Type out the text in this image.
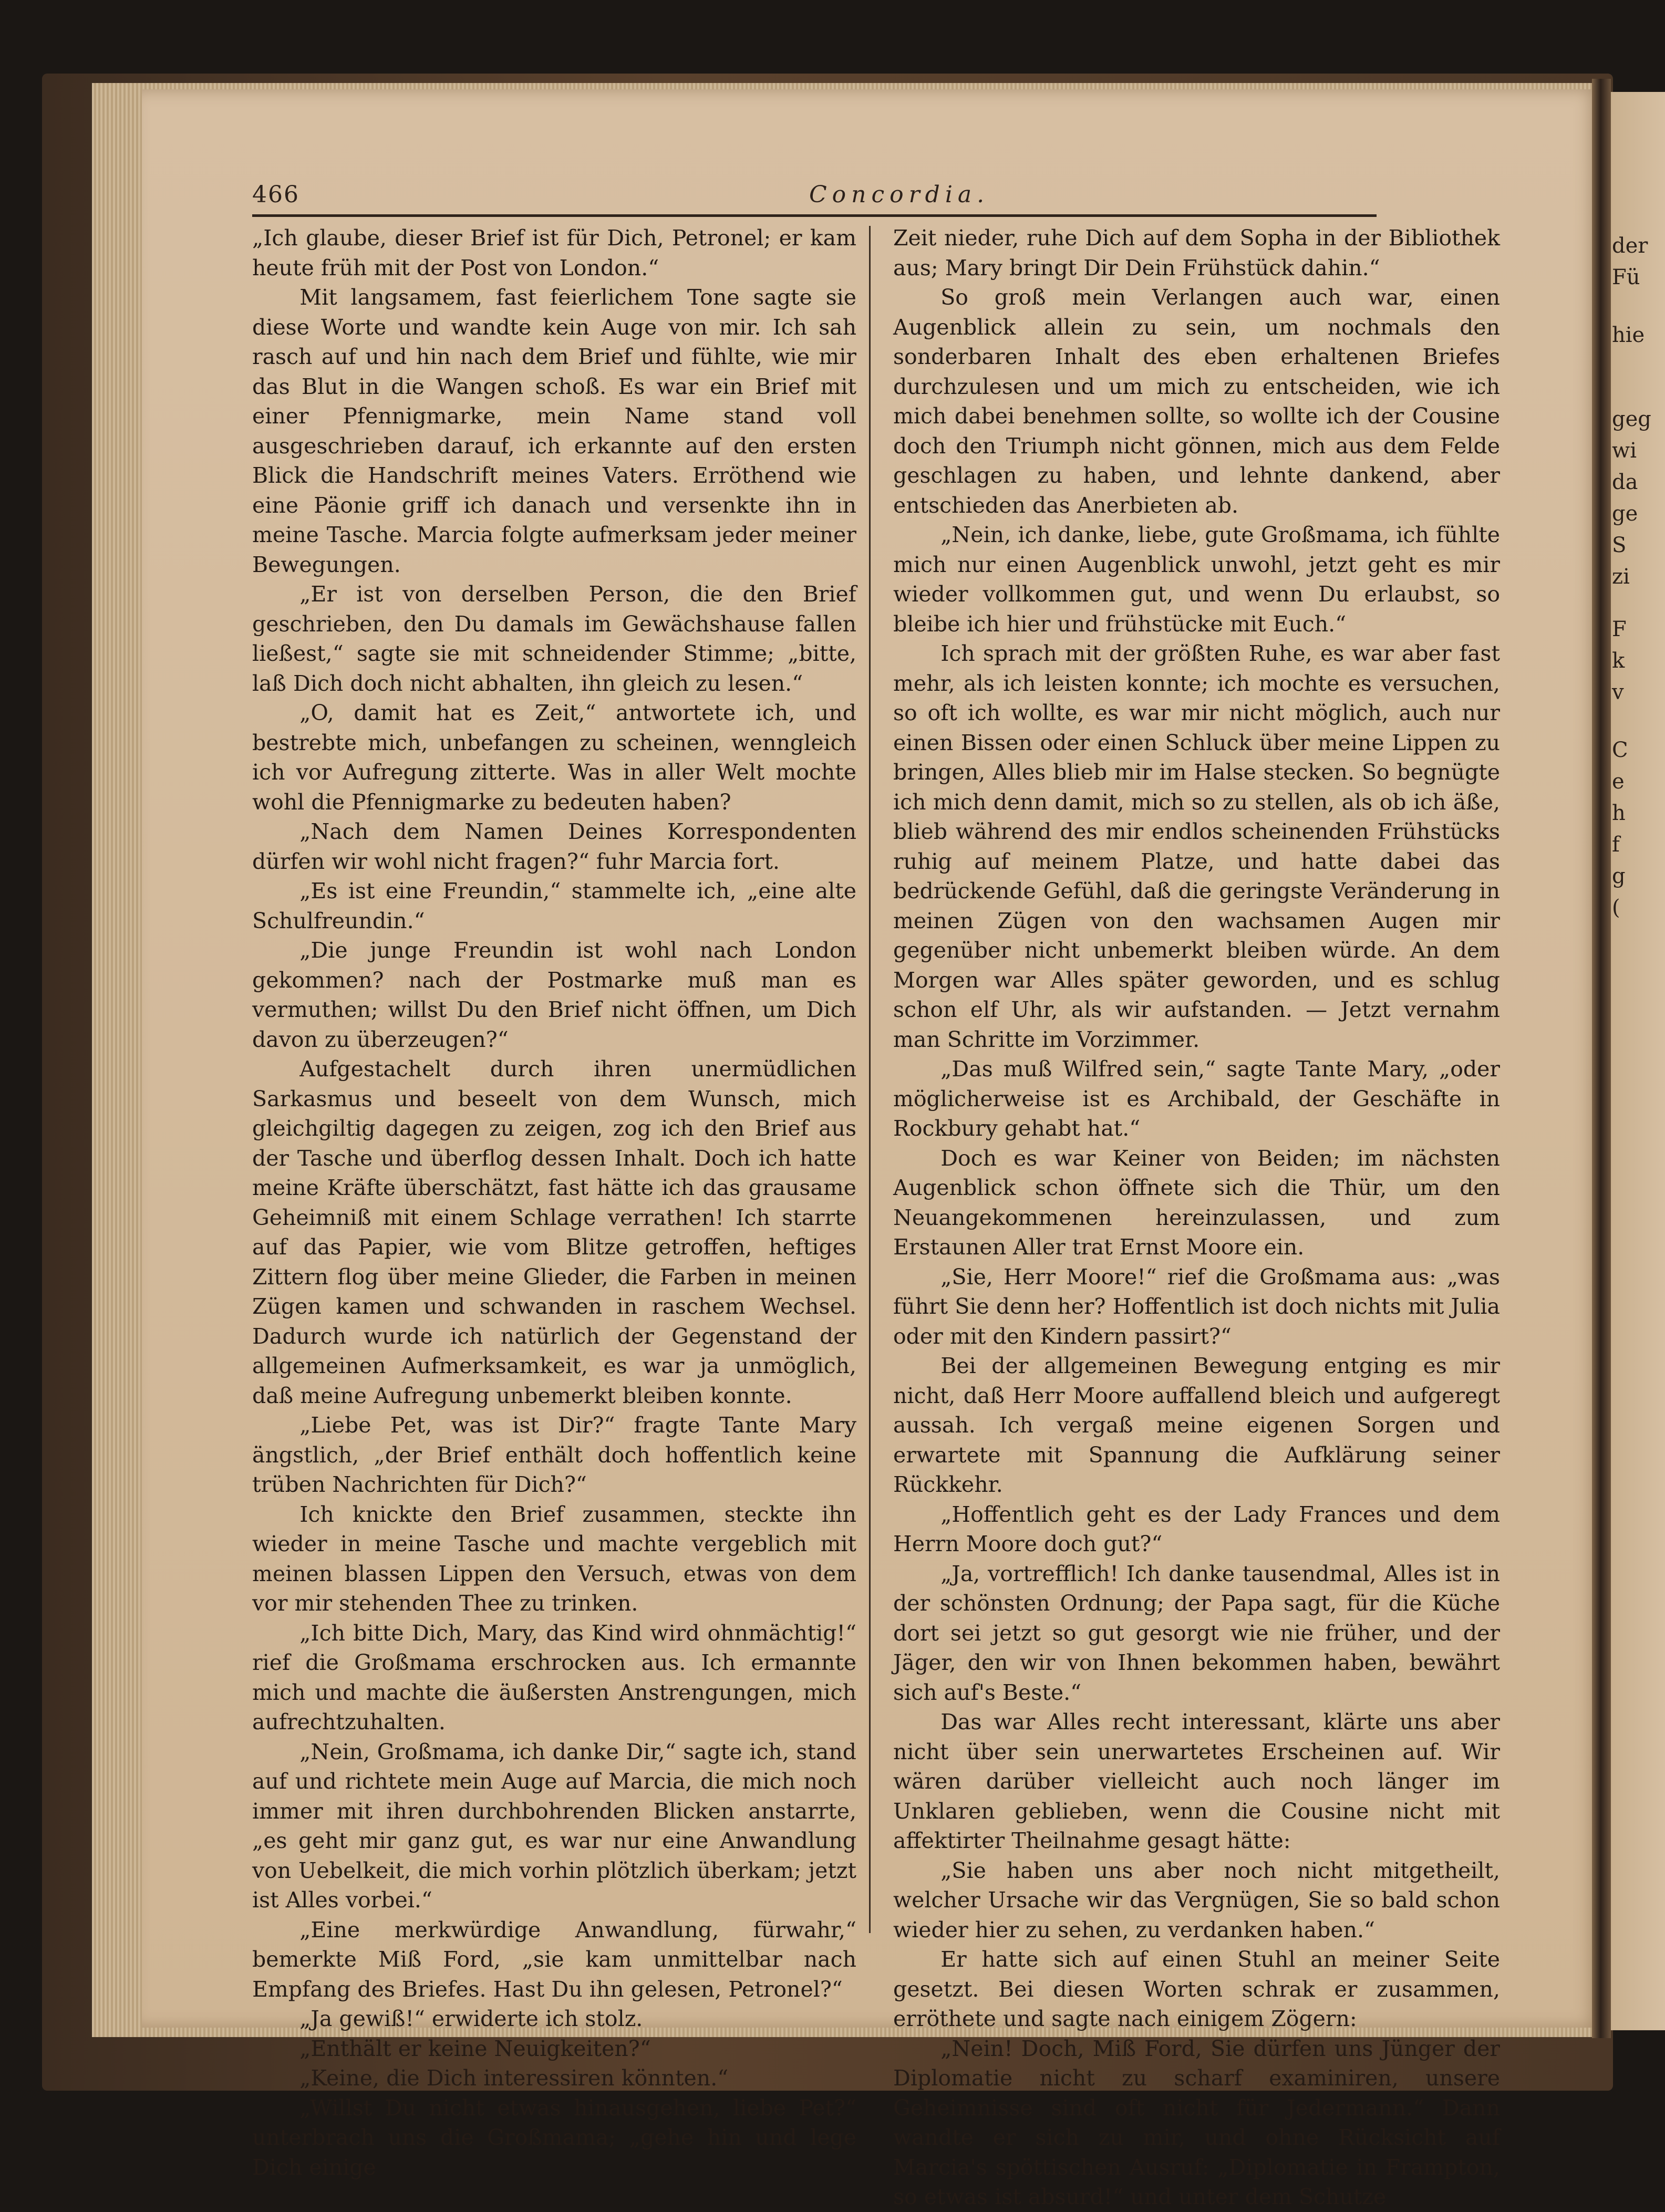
466	Concordia.

„Ich glaube, dieser Brief ist für Dich, Petronel; er kam heute früh mit der Post von London.“

Mit langsamem, fast feierlichem Tone sagte sie diese Worte und wandte kein Auge von mir. Ich sah rasch auf und hin nach dem Brief und fühlte, wie mir das Blut in die Wangen schoß. Es war ein Brief mit einer Pfennigmarke, mein Name stand voll ausgeschrieben darauf, ich erkannte auf den ersten Blick die Handschrift meines Vaters. Erröthend wie eine Päonie griff ich danach und versenkte ihn in meine Tasche. Marcia folgte aufmerksam jeder meiner Bewegungen.

„Er ist von derselben Person, die den Brief geschrieben, den Du damals im Gewächshause fallen ließest,“ sagte sie mit schneidender Stimme; „bitte, laß Dich doch nicht abhalten, ihn gleich zu lesen.“

„O, damit hat es Zeit,“ antwortete ich, und bestrebte mich, unbefangen zu scheinen, wenngleich ich vor Aufregung zitterte. Was in aller Welt mochte wohl die Pfennigmarke zu bedeuten haben?

„Nach dem Namen Deines Korrespondenten dürfen wir wohl nicht fragen?“ fuhr Marcia fort.

„Es ist eine Freundin,“ stammelte ich, „eine alte Schulfreundin.“

„Die junge Freundin ist wohl nach London gekommen? nach der Postmarke muß man es vermuthen; willst Du den Brief nicht öffnen, um Dich davon zu überzeugen?“

Aufgestachelt durch ihren unermüdlichen Sarkasmus und beseelt von dem Wunsch, mich gleichgiltig dagegen zu zeigen, zog ich den Brief aus der Tasche und überflog dessen Inhalt. Doch ich hatte meine Kräfte überschätzt, fast hätte ich das grausame Geheimniß mit einem Schlage verrathen! Ich starrte auf das Papier, wie vom Blitze getroffen, heftiges Zittern flog über meine Glieder, die Farben in meinen Zügen kamen und schwanden in raschem Wechsel. Dadurch wurde ich natürlich der Gegenstand der allgemeinen Aufmerksamkeit, es war ja unmöglich, daß meine Aufregung unbemerkt bleiben konnte.

„Liebe Pet, was ist Dir?“ fragte Tante Mary ängstlich, „der Brief enthält doch hoffentlich keine trüben Nachrichten für Dich?“

Ich knickte den Brief zusammen, steckte ihn wieder in meine Tasche und machte vergeblich mit meinen blassen Lippen den Versuch, etwas von dem vor mir stehenden Thee zu trinken.

„Ich bitte Dich, Mary, das Kind wird ohnmächtig!“ rief die Großmama erschrocken aus. Ich ermannte mich und machte die äußersten Anstrengungen, mich aufrechtzuhalten.

„Nein, Großmama, ich danke Dir,“ sagte ich, stand auf und richtete mein Auge auf Marcia, die mich noch immer mit ihren durchbohrenden Blicken anstarrte, „es geht mir ganz gut, es war nur eine Anwandlung von Uebelkeit, die mich vorhin plötzlich überkam; jetzt ist Alles vorbei.“

„Eine merkwürdige Anwandlung, fürwahr,“ bemerkte Miß Ford, „sie kam unmittelbar nach Empfang des Briefes. Hast Du ihn gelesen, Petronel?“

„Ja gewiß!“ erwiderte ich stolz.

„Enthält er keine Neuigkeiten?“

„Keine, die Dich interessiren könnten.“

„Willst Du nicht etwas hinausgehen, liebe Pet?“ unterbrach uns die Großmama; „gehe hin und lege Dich einige

Zeit nieder, ruhe Dich auf dem Sopha in der Bibliothek aus; Mary bringt Dir Dein Frühstück dahin.“

So groß mein Verlangen auch war, einen Augenblick allein zu sein, um nochmals den sonderbaren Inhalt des eben erhaltenen Briefes durchzulesen und um mich zu entscheiden, wie ich mich dabei benehmen sollte, so wollte ich der Cousine doch den Triumph nicht gönnen, mich aus dem Felde geschlagen zu haben, und lehnte dankend, aber entschieden das Anerbieten ab.

„Nein, ich danke, liebe, gute Großmama, ich fühlte mich nur einen Augenblick unwohl, jetzt geht es mir wieder vollkommen gut, und wenn Du erlaubst, so bleibe ich hier und frühstücke mit Euch.“

Ich sprach mit der größten Ruhe, es war aber fast mehr, als ich leisten konnte; ich mochte es versuchen, so oft ich wollte, es war mir nicht möglich, auch nur einen Bissen oder einen Schluck über meine Lippen zu bringen, Alles blieb mir im Halse stecken. So begnügte ich mich denn damit, mich so zu stellen, als ob ich äße, blieb während des mir endlos scheinenden Frühstücks ruhig auf meinem Platze, und hatte dabei das bedrückende Gefühl, daß die geringste Veränderung in meinen Zügen von den wachsamen Augen mir gegenüber nicht unbemerkt bleiben würde. An dem Morgen war Alles später geworden, und es schlug schon elf Uhr, als wir aufstanden. — Jetzt vernahm man Schritte im Vorzimmer.

„Das muß Wilfred sein,“ sagte Tante Mary, „oder möglicherweise ist es Archibald, der Geschäfte in Rockbury gehabt hat.“

Doch es war Keiner von Beiden; im nächsten Augenblick schon öffnete sich die Thür, um den Neuangekommenen hereinzulassen, und zum Erstaunen Aller trat Ernst Moore ein.

„Sie, Herr Moore!“ rief die Großmama aus: „was führt Sie denn her? Hoffentlich ist doch nichts mit Julia oder mit den Kindern passirt?“

Bei der allgemeinen Bewegung entging es mir nicht, daß Herr Moore auffallend bleich und aufgeregt aussah. Ich vergaß meine eigenen Sorgen und erwartete mit Spannung die Aufklärung seiner Rückkehr.

„Hoffentlich geht es der Lady Frances und dem Herrn Moore doch gut?“

„Ja, vortrefflich! Ich danke tausendmal, Alles ist in der schönsten Ordnung; der Papa sagt, für die Küche dort sei jetzt so gut gesorgt wie nie früher, und der Jäger, den wir von Ihnen bekommen haben, bewährt sich auf's Beste.“

Das war Alles recht interessant, klärte uns aber nicht über sein unerwartetes Erscheinen auf. Wir wären darüber vielleicht auch noch länger im Unklaren geblieben, wenn die Cousine nicht mit affektirter Theilnahme gesagt hätte:

„Sie haben uns aber noch nicht mitgetheilt, welcher Ursache wir das Vergnügen, Sie so bald schon wieder hier zu sehen, zu verdanken haben.“

Er hatte sich auf einen Stuhl an meiner Seite gesetzt. Bei diesen Worten schrak er zusammen, erröthete und sagte nach einigem Zögern:

„Nein! Doch, Miß Ford, Sie dürfen uns Jünger der Diplomatie nicht zu scharf examiniren, unsere Geheimnisse sind oft nicht für Jedermann.“ Dann wandte er sich zu mir, und ohne Rücksicht auf Marcia's spöttischen Ausruf: „Diplomatie in Frampton, so etwas ist absurd!“ und unter dem Schutze

der
Fü
hie
geg
wi
da
ge
S
zi
F
k
v
C
e
h
f
g
(
